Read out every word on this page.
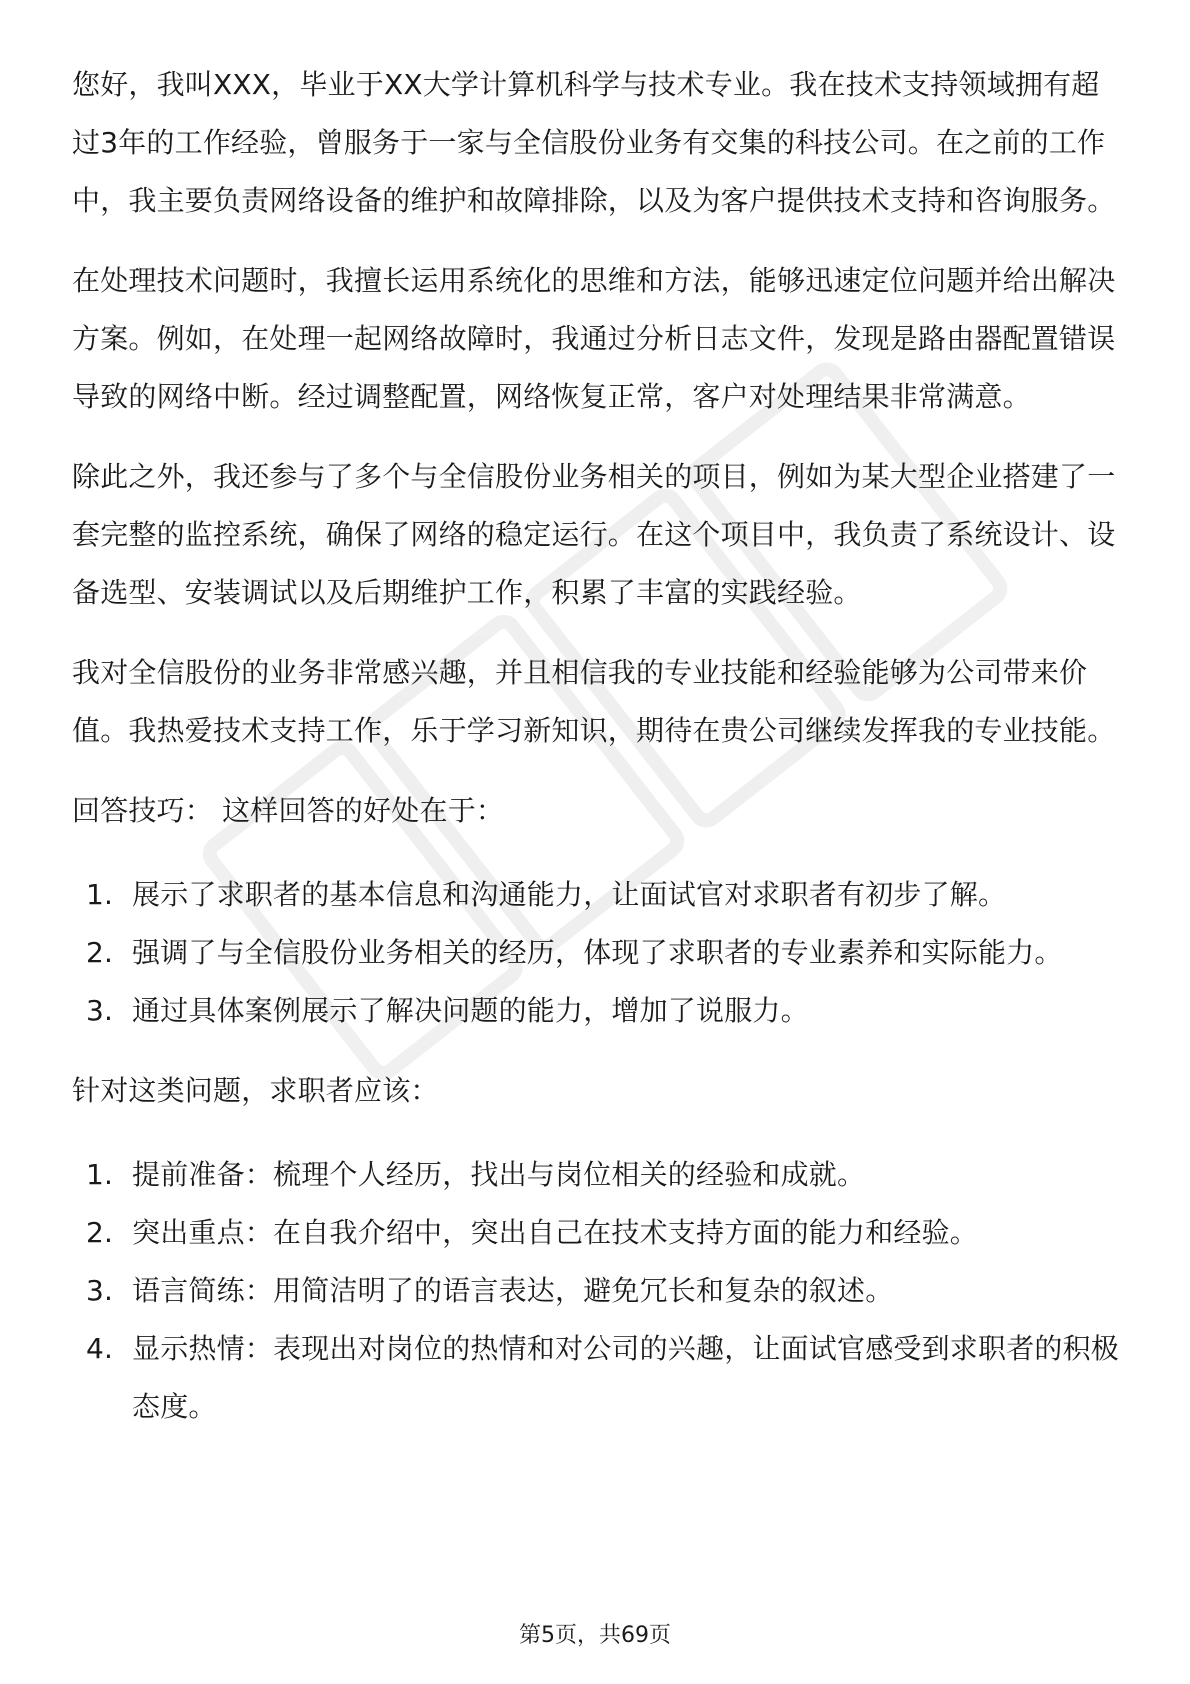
您好，我叫XXX，毕业于XX大学计算机科学与技术专业。我在技术支持领域拥有超过3年的工作经验，曾服务于一家与全信股份业务有交集的科技公司。在之前的工作中，我主要负责网络设备的维护和故障排除，以及为客户提供技术支持和咨询服务。

在处理技术问题时，我擅长运用系统化的思维和方法，能够迅速定位问题并给出解决方案。例如，在处理一起网络故障时，我通过分析日志文件，发现是路由器配置错误导致的网络中断。经过调整配置，网络恢复正常，客户对处理结果非常满意。

除此之外，我还参与了多个与全信股份业务相关的项目，例如为某大型企业搭建了一套完整的监控系统，确保了网络的稳定运行。在这个项目中，我负责了系统设计、设备选型、安装调试以及后期维护工作，积累了丰富的实践经验。

我对全信股份的业务非常感兴趣，并且相信我的专业技能和经验能够为公司带来价值。我热爱技术支持工作，乐于学习新知识，期待在贵公司继续发挥我的专业技能。

回答技巧： 这样回答的好处在于：

1. 展示了求职者的基本信息和沟通能力，让面试官对求职者有初步了解。
2. 强调了与全信股份业务相关的经历，体现了求职者的专业素养和实际能力。
3. 通过具体案例展示了解决问题的能力，增加了说服力。

针对这类问题，求职者应该：

1. 提前准备：梳理个人经历，找出与岗位相关的经验和成就。
2. 突出重点：在自我介绍中，突出自己在技术支持方面的能力和经验。
3. 语言简练：用简洁明了的语言表达，避免冗长和复杂的叙述。
4. 显示热情：表现出对岗位的热情和对公司的兴趣，让面试官感受到求职者的积极态度。
第5页，共69页
